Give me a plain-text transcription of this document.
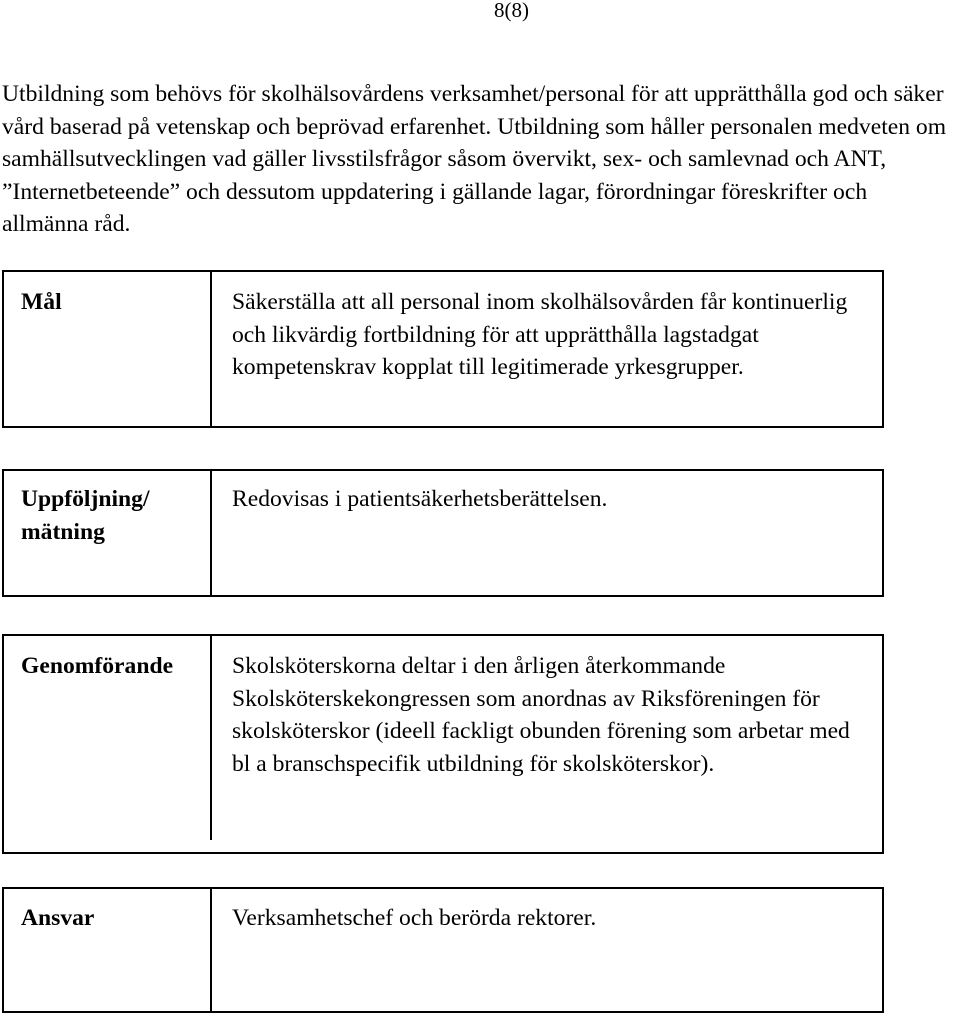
8(8)

Utbildning som behövs för skolhälsovårdens verksamhet/personal för att upprätthålla god och säker vård baserad på vetenskap och beprövad erfarenhet. Utbildning som håller personalen medveten om samhällsutvecklingen vad gäller livsstilsfrågor såsom övervikt, sex- och samlevnad och ANT, ”Internetbeteende” och dessutom uppdatering i gällande lagar, förordningar föreskrifter och allmänna råd.

Mål	Säkerställa att all personal inom skolhälsovården får kontinuerlig och likvärdig fortbildning för att upprätthålla lagstadgat kompetenskrav kopplat till legitimerade yrkesgrupper.
Uppföljning/
mätning
Redovisas i patientsäkerhetsberättelsen.
Genomförande Skolsköterskorna deltar i den årligen återkommande Skolsköterskekongressen som anordnas av Riksföreningen för skolsköterskor (ideell fackligt obunden förening som arbetar med bl a branschspecifik utbildning för skolsköterskor).
Ansvar	Verksamhetschef och berörda rektorer.
